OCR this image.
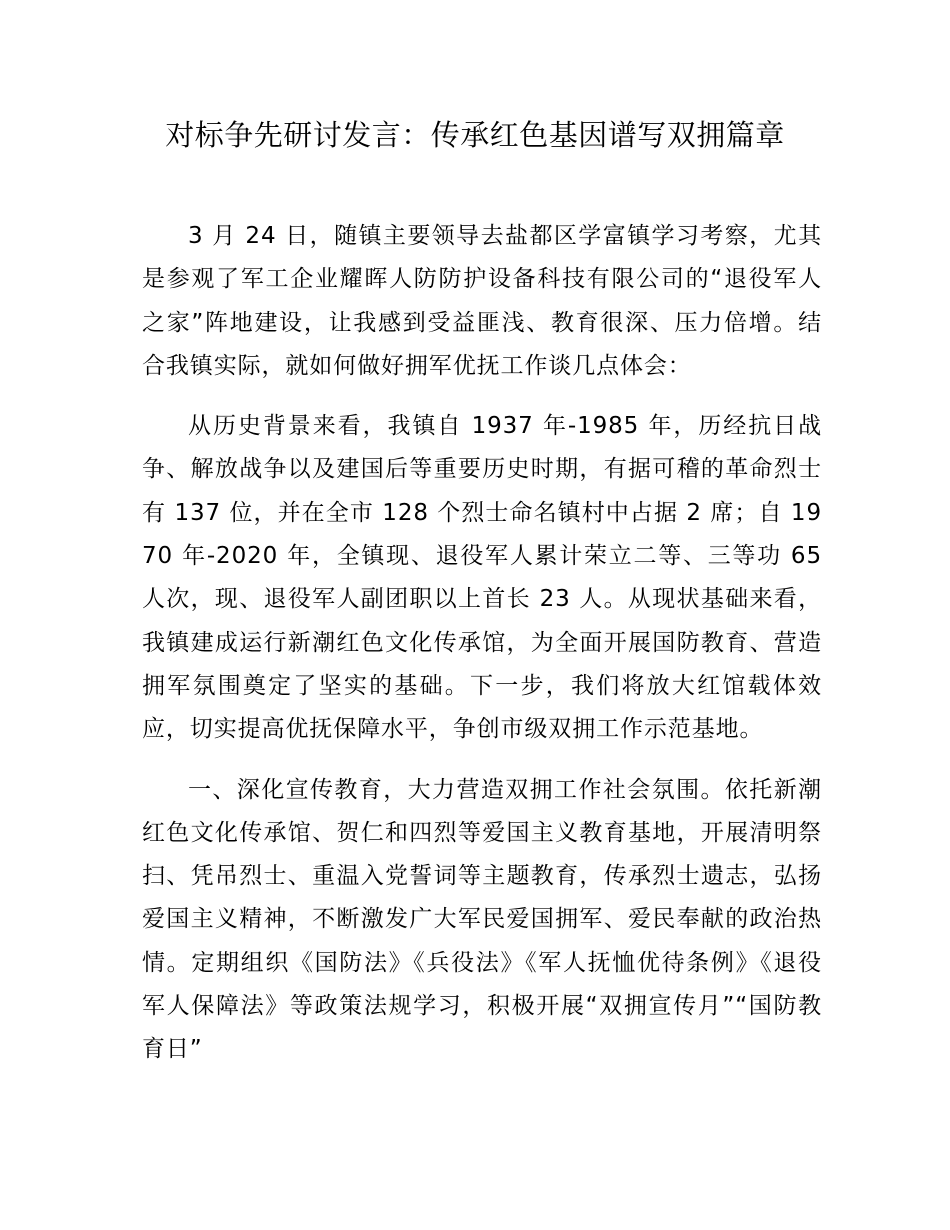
对标争先研讨发言：传承红色基因谱写双拥篇章

3 月 24 日，随镇主要领导去盐都区学富镇学习考察，尤其是参观了军工企业耀晖人防防护设备科技有限公司的“退役军人之家”阵地建设，让我感到受益匪浅、教育很深、压力倍增。结合我镇实际，就如何做好拥军优抚工作谈几点体会：

从历史背景来看，我镇自 1937 年-1985 年，历经抗日战争、解放战争以及建国后等重要历史时期，有据可稽的革命烈士有 137 位，并在全市 128 个烈士命名镇村中占据 2 席；自 1970 年-2020 年，全镇现、退役军人累计荣立二等、三等功 65 人次，现、退役军人副团职以上首长 23 人。从现状基础来看，我镇建成运行新潮红色文化传承馆，为全面开展国防教育、营造拥军氛围奠定了坚实的基础。下一步，我们将放大红馆载体效应，切实提高优抚保障水平，争创市级双拥工作示范基地。

一、深化宣传教育，大力营造双拥工作社会氛围。依托新潮红色文化传承馆、贺仁和四烈等爱国主义教育基地，开展清明祭扫、凭吊烈士、重温入党誓词等主题教育，传承烈士遗志，弘扬爱国主义精神，不断激发广大军民爱国拥军、爱民奉献的政治热情。定期组织《国防法》《兵役法》《军人抚恤优待条例》《退役军人保障法》等政策法规学习，积极开展“双拥宣传月”“国防教育日”
